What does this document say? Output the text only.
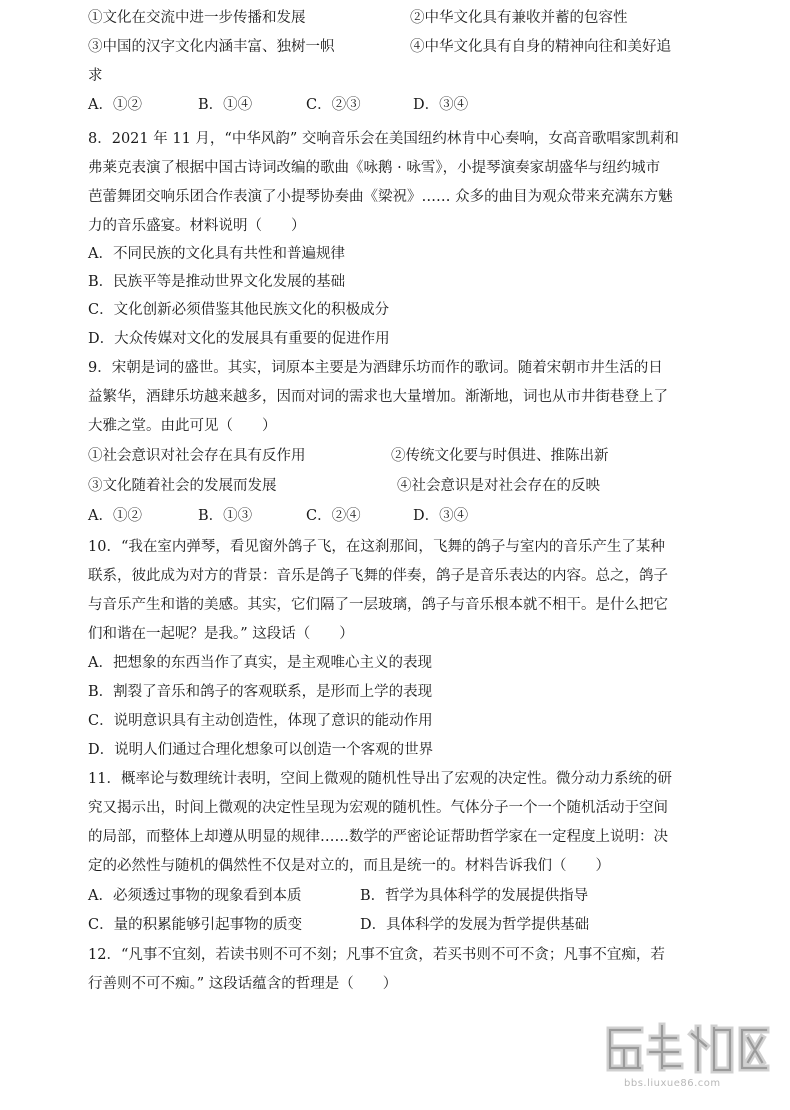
①文化在交流中进一步传播和发展	②中华文化具有兼收并蓄的包容性
③中国的汉字文化内涵丰富、独树一帜	④中华文化具有自身的精神向往和美好追
求
A．①②	B．①④	C．②③	D．③④
8．2021 年 11 月，“中华风韵” 交响音乐会在美国纽约林肯中心奏响，女高音歌唱家凯莉和
弗莱克表演了根据中国古诗词改编的歌曲《咏鹅 · 咏雪》，小提琴演奏家胡盛华与纽约城市
芭蕾舞团交响乐团合作表演了小提琴协奏曲《梁祝》…… 众多的曲目为观众带来充满东方魅
力的音乐盛宴。材料说明（　　）
A．不同民族的文化具有共性和普遍规律
B．民族平等是推动世界文化发展的基础
C．文化创新必须借鉴其他民族文化的积极成分
D．大众传媒对文化的发展具有重要的促进作用
9．宋朝是词的盛世。其实，词原本主要是为酒肆乐坊而作的歌词。随着宋朝市井生活的日
益繁华，酒肆乐坊越来越多，因而对词的需求也大量增加。渐渐地，词也从市井街巷登上了
大雅之堂。由此可见（　　）
①社会意识对社会存在具有反作用	②传统文化要与时俱进、推陈出新
③文化随着社会的发展而发展	④社会意识是对社会存在的反映
A．①②	B．①③	C．②④	D．③④
10．“我在室内弹琴，看见窗外鸽子飞，在这刹那间，飞舞的鸽子与室内的音乐产生了某种
联系，彼此成为对方的背景：音乐是鸽子飞舞的伴奏，鸽子是音乐表达的内容。总之，鸽子
与音乐产生和谐的美感。其实，它们隔了一层玻璃，鸽子与音乐根本就不相干。是什么把它
们和谐在一起呢？是我。” 这段话（　　）
A．把想象的东西当作了真实，是主观唯心主义的表现
B．割裂了音乐和鸽子的客观联系，是形而上学的表现
C．说明意识具有主动创造性，体现了意识的能动作用
D．说明人们通过合理化想象可以创造一个客观的世界
11．概率论与数理统计表明，空间上微观的随机性导出了宏观的决定性。微分动力系统的研
究又揭示出，时间上微观的决定性呈现为宏观的随机性。气体分子一个一个随机活动于空间
的局部，而整体上却遵从明显的规律……数学的严密论证帮助哲学家在一定程度上说明：决
定的必然性与随机的偶然性不仅是对立的，而且是统一的。材料告诉我们（　　）
A．必须透过事物的现象看到本质	B．哲学为具体科学的发展提供指导
C．量的积累能够引起事物的质变	D．具体科学的发展为哲学提供基础
12．“凡事不宜刻，若读书则不可不刻；凡事不宜贪，若买书则不可不贪；凡事不宜痴，若
行善则不可不痴。” 这段话蕴含的哲理是（　　）
bbs.liuxue86.com
